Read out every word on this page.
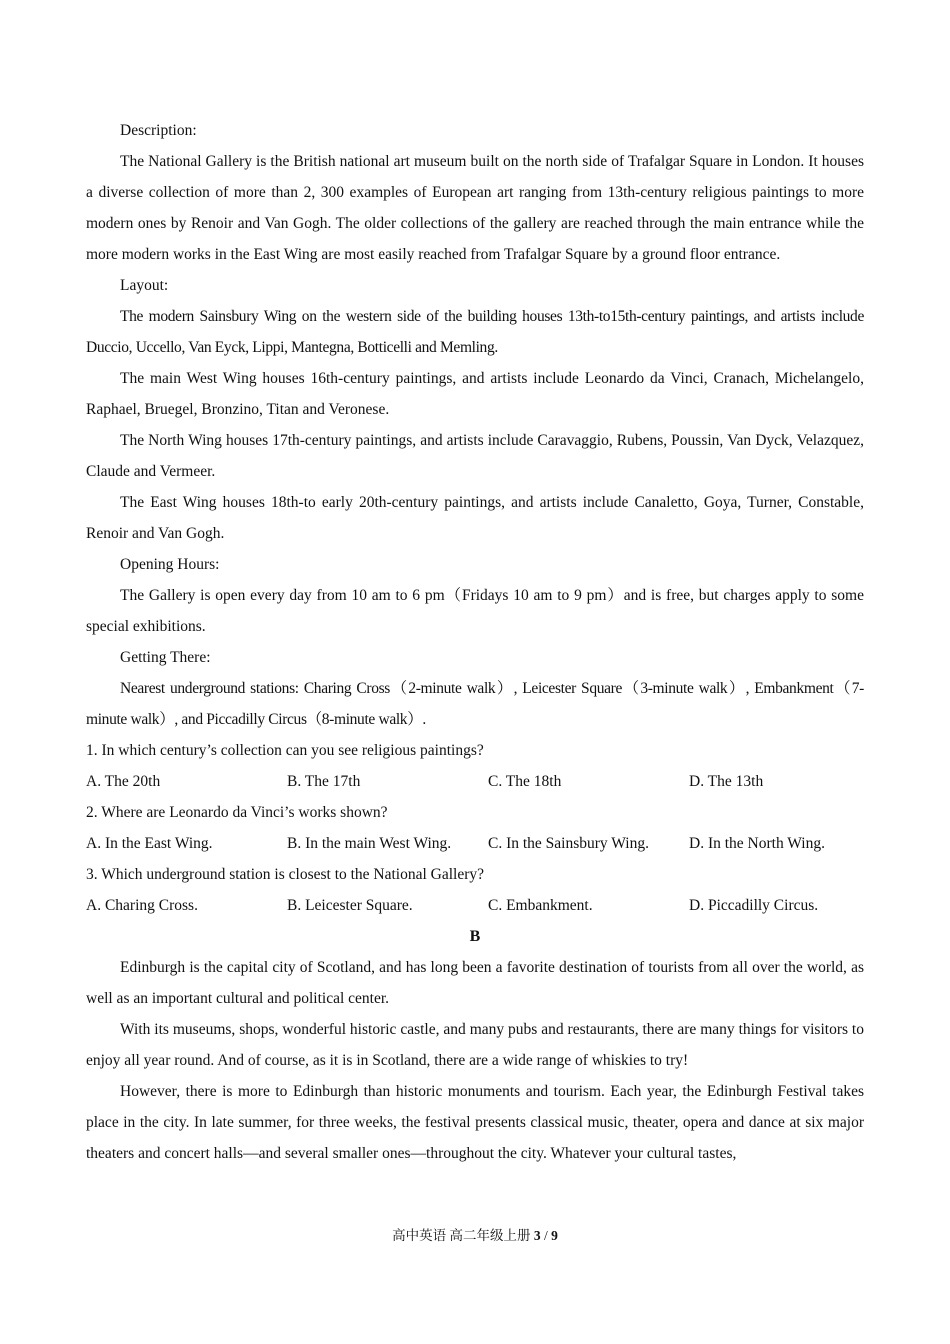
Description:

The National Gallery is the British national art museum built on the north side of Trafalgar Square in London. It houses a diverse collection of more than 2, 300 examples of European art ranging from 13th-century religious paintings to more modern ones by Renoir and Van Gogh. The older collections of the gallery are reached through the main entrance while the more modern works in the East Wing are most easily reached from Trafalgar Square by a ground floor entrance.

Layout:

The modern Sainsbury Wing on the western side of the building houses 13th-to15th-century paintings, and artists include Duccio, Uccello, Van Eyck, Lippi, Mantegna, Botticelli and Memling.

The main West Wing houses 16th-century paintings, and artists include Leonardo da Vinci, Cranach, Michelangelo, Raphael, Bruegel, Bronzino, Titan and Veronese.

The North Wing houses 17th-century paintings, and artists include Caravaggio, Rubens, Poussin, Van Dyck, Velazquez, Claude and Vermeer.

The East Wing houses 18th-to early 20th-century paintings, and artists include Canaletto, Goya, Turner, Constable, Renoir and Van Gogh.

Opening Hours:

The Gallery is open every day from 10 am to 6 pm（Fridays 10 am to 9 pm）and is free, but charges apply to some special exhibitions.

Getting There:

Nearest underground stations: Charing Cross（2-minute walk）, Leicester Square（3-minute walk）, Embankment（7-minute walk）, and Piccadilly Circus（8-minute walk）.

1. In which century’s collection can you see religious paintings?

A. The 20th	B. The 17th	C. The 18th	D. The 13th

2. Where are Leonardo da Vinci’s works shown?

A. In the East Wing.	B. In the main West Wing.	C. In the Sainsbury Wing.	D. In the North Wing.

3. Which underground station is closest to the National Gallery?

A. Charing Cross.	B. Leicester Square.	C. Embankment.	D. Piccadilly Circus.

B

Edinburgh is the capital city of Scotland, and has long been a favorite destination of tourists from all over the world, as well as an important cultural and political center.

With its museums, shops, wonderful historic castle, and many pubs and restaurants, there are many things for visitors to enjoy all year round. And of course, as it is in Scotland, there are a wide range of whiskies to try!

However, there is more to Edinburgh than historic monuments and tourism. Each year, the Edinburgh Festival takes place in the city. In late summer, for three weeks, the festival presents classical music, theater, opera and dance at six major theaters and concert halls—and several smaller ones—throughout the city. Whatever your cultural tastes,

高中英语 高二年级上册 3 / 9
